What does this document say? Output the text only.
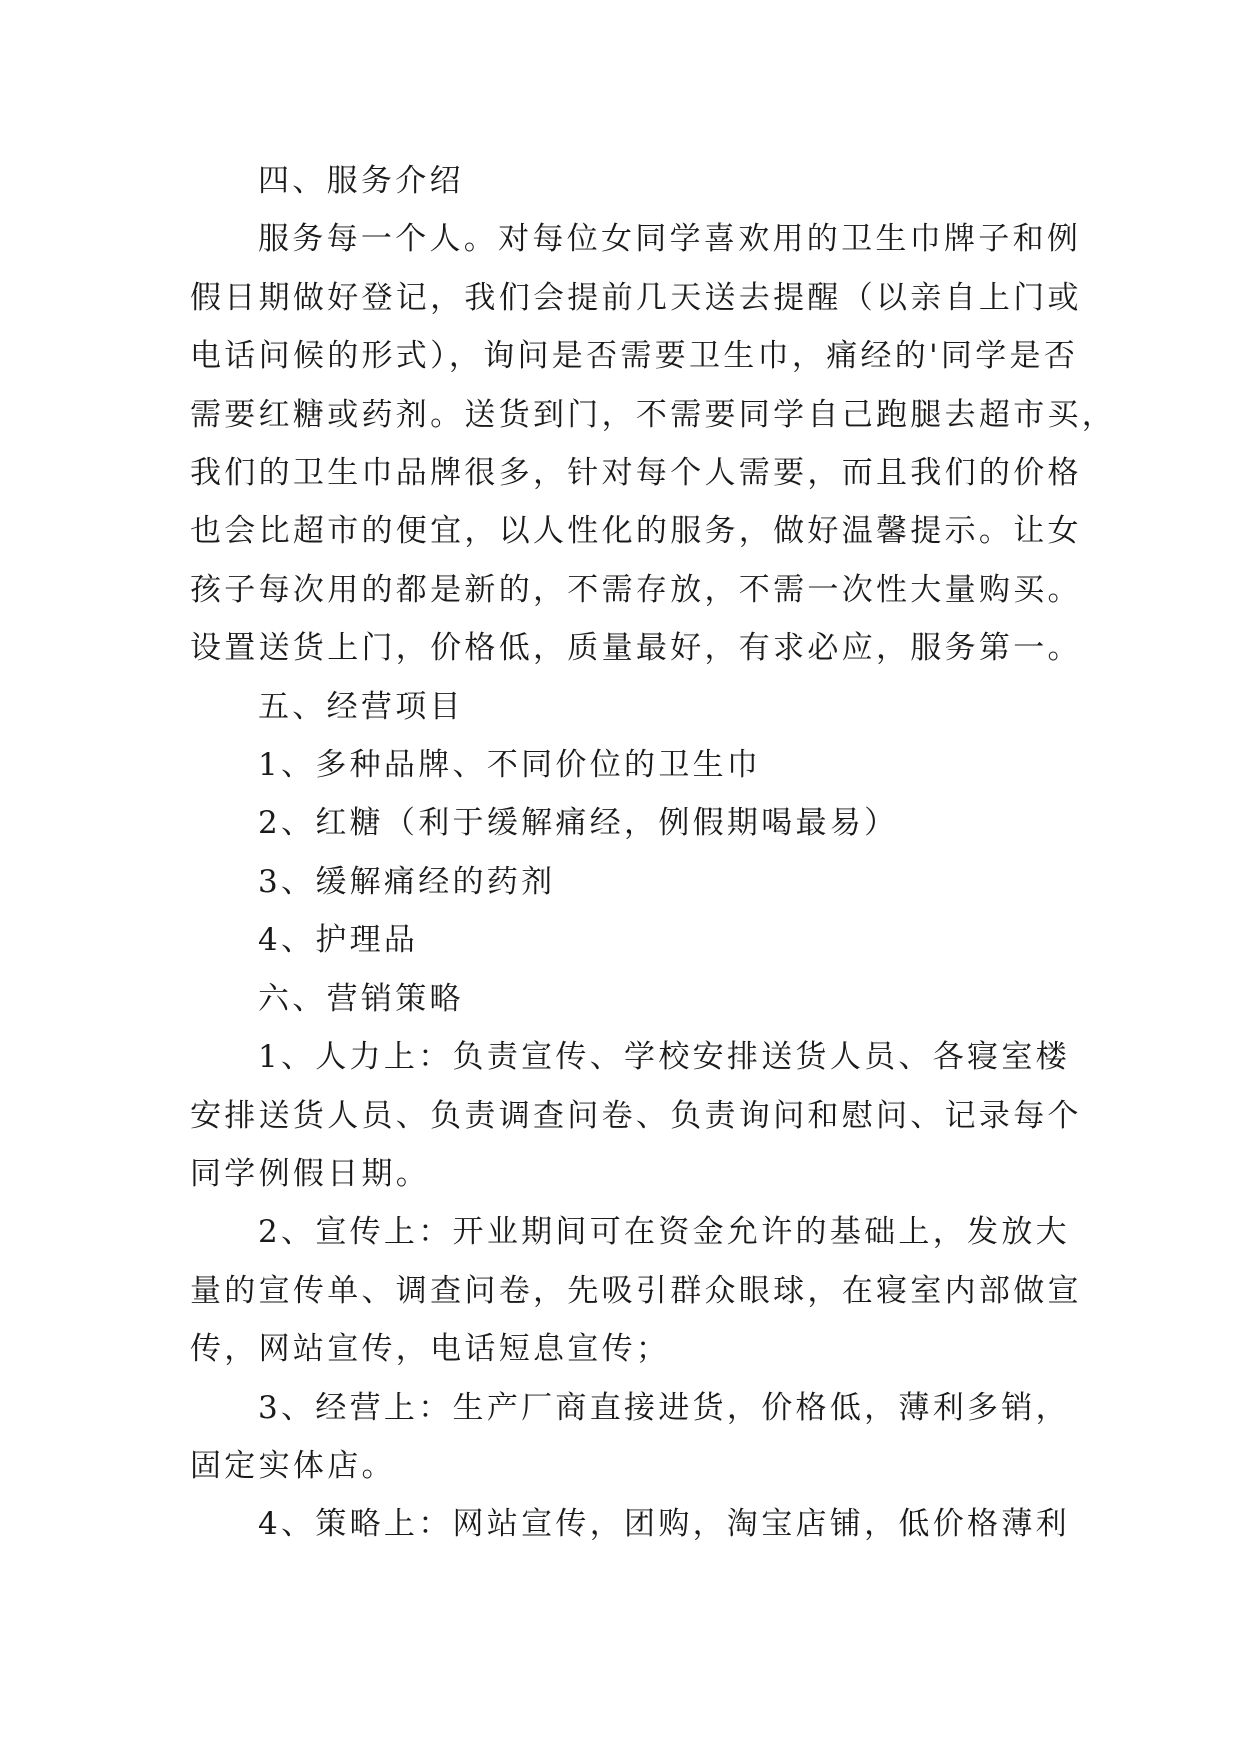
四、服务介绍
服务每一个人。对每位女同学喜欢用的卫生巾牌子和例
假日期做好登记，我们会提前几天送去提醒（以亲自上门或
电话问候的形式），询问是否需要卫生巾，痛经的'同学是否
需要红糖或药剂。送货到门，不需要同学自己跑腿去超市买，
我们的卫生巾品牌很多，针对每个人需要，而且我们的价格
也会比超市的便宜，以人性化的服务，做好温馨提示。让女
孩子每次用的都是新的，不需存放，不需一次性大量购买。
设置送货上门，价格低，质量最好，有求必应，服务第一。
五、经营项目
1、多种品牌、不同价位的卫生巾
2、红糖（利于缓解痛经，例假期喝最易）
3、缓解痛经的药剂
4、护理品
六、营销策略
1、人力上：负责宣传、学校安排送货人员、各寝室楼
安排送货人员、负责调查问卷、负责询问和慰问、记录每个
同学例假日期。
2、宣传上：开业期间可在资金允许的基础上，发放大
量的宣传单、调查问卷，先吸引群众眼球，在寝室内部做宣
传，网站宣传，电话短息宣传；
3、经营上：生产厂商直接进货，价格低，薄利多销，
固定实体店。
4、策略上：网站宣传，团购，淘宝店铺，低价格薄利
